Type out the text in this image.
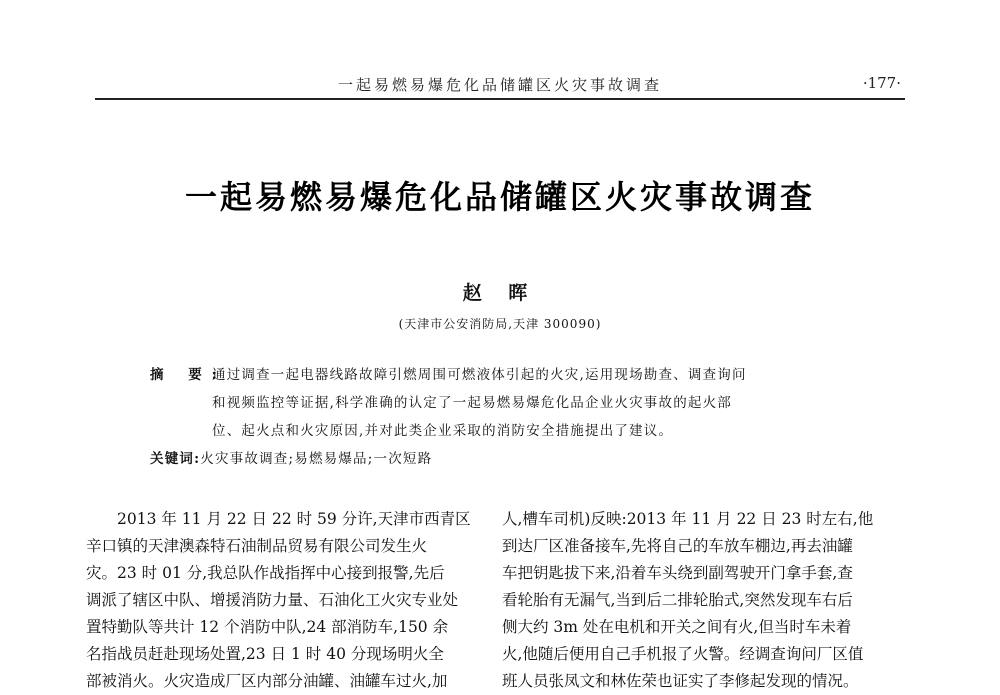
一起易燃易爆危化品储罐区火灾事故调查	·177·
一起易燃易爆危化品储罐区火灾事故调查
赵 晖
(天津市公安消防局,天津 300090)
摘 要:
通过调查一起电器线路故障引燃周围可燃液体引起的火灾,运用现场勘查、调查询问
和视频监控等证据,科学准确的认定了一起易燃易爆危化品企业火灾事故的起火部
位、起火点和火灾原因,并对此类企业采取的消防安全措施提出了建议。
关键词:火灾事故调查;易燃易爆品;一次短路

2013 年 11 月 22 日 22 时 59 分许,天津市西青区

辛口镇的天津澳森特石油制品贸易有限公司发生火

灾。23 时 01 分,我总队作战指挥中心接到报警,先后

调派了辖区中队、增援消防力量、石油化工火灾专业处

置特勤队等共计 12 个消防中队,24 部消防车,150 余

名指战员赶赴现场处置,23 日 1 时 40 分现场明火全

部被消火。火灾造成厂区内部分油罐、油罐车过火,加

人,槽车司机)反映:2013 年 11 月 22 日 23 时左右,他

到达厂区准备接车,先将自己的车放车棚边,再去油罐

车把钥匙拔下来,沿着车头绕到副驾驶开门拿手套,查

看轮胎有无漏气,当到后二排轮胎式,突然发现车右后

侧大约 3m 处在电机和开关之间有火,但当时车未着

火,他随后便用自己手机报了火警。经调查询问厂区值

班人员张凤文和林佐荣也证实了李修起发现的情况。
